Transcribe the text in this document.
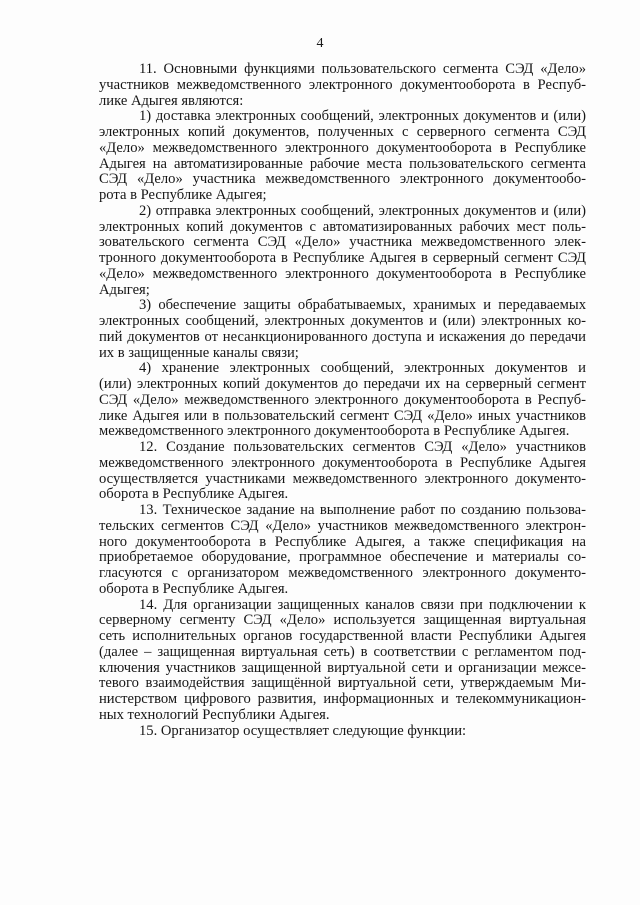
4
11. Основными функциями пользовательского сегмента СЭД «Дело»
участников межведомственного электронного документооборота в Респуб-
лике Адыгея являются:
1) доставка электронных сообщений, электронных документов и (или)
электронных копий документов, полученных с серверного сегмента СЭД
«Дело» межведомственного электронного документооборота в Республике
Адыгея на автоматизированные рабочие места пользовательского сегмента
СЭД «Дело» участника межведомственного электронного документообо-
рота в Республике Адыгея;
2) отправка электронных сообщений, электронных документов и (или)
электронных копий документов с автоматизированных рабочих мест поль-
зовательского сегмента СЭД «Дело» участника межведомственного элек-
тронного документооборота в Республике Адыгея в серверный сегмент СЭД
«Дело» межведомственного электронного документооборота в Республике
Адыгея;
3) обеспечение защиты обрабатываемых, хранимых и передаваемых
электронных сообщений, электронных документов и (или) электронных ко-
пий документов от несанкционированного доступа и искажения до передачи
их в защищенные каналы связи;
4) хранение электронных сообщений, электронных документов и
(или) электронных копий документов до передачи их на серверный сегмент
СЭД «Дело» межведомственного электронного документооборота в Респуб-
лике Адыгея или в пользовательский сегмент СЭД «Дело» иных участников
межведомственного электронного документооборота в Республике Адыгея.
12. Создание пользовательских сегментов СЭД «Дело» участников
межведомственного электронного документооборота в Республике Адыгея
осуществляется участниками межведомственного электронного документо-
оборота в Республике Адыгея.
13. Техническое задание на выполнение работ по созданию пользова-
тельских сегментов СЭД «Дело» участников межведомственного электрон-
ного документооборота в Республике Адыгея, а также спецификация на
приобретаемое оборудование, программное обеспечение и материалы со-
гласуются с организатором межведомственного электронного документо-
оборота в Республике Адыгея.
14. Для организации защищенных каналов связи при подключении к
серверному сегменту СЭД «Дело» используется защищенная виртуальная
сеть исполнительных органов государственной власти Республики Адыгея
(далее – защищенная виртуальная сеть) в соответствии с регламентом под-
ключения участников защищенной виртуальной сети и организации межсе-
тевого взаимодействия защищённой виртуальной сети, утверждаемым Ми-
нистерством цифрового развития, информационных и телекоммуникацион-
ных технологий Республики Адыгея.
15. Организатор осуществляет следующие функции:
